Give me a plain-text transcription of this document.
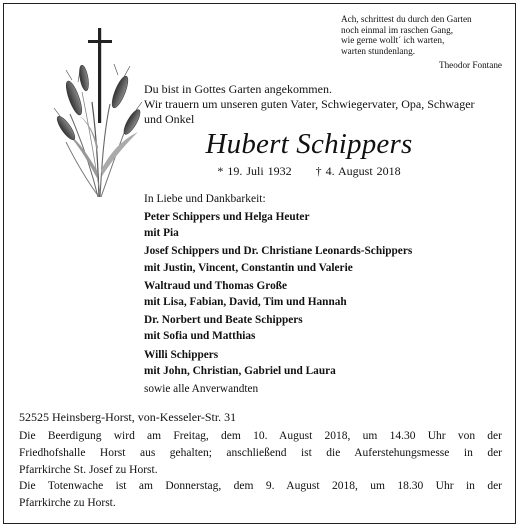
Ach, schrittest du durch den Garten
noch einmal im raschen Gang,
wie gerne wollt´ ich warten,
warten stundenlang.
Theodor Fontane
Du bist in Gottes Garten angekommen.
Wir trauern um unseren guten Vater, Schwiegervater, Opa, Schwager
und Onkel
Hubert Schippers
* 19. Juli 1932 † 4. August 2018
In Liebe und Dankbarkeit:
Peter Schippers und Helga Heuter
mit Pia
Josef Schippers und Dr. Christiane Leonards-Schippers
mit Justin, Vincent, Constantin und Valerie
Waltraud und Thomas Große
mit Lisa, Fabian, David, Tim und Hannah
Dr. Norbert und Beate Schippers
mit Sofia und Matthias
Willi Schippers
mit John, Christian, Gabriel und Laura
sowie alle Anverwandten
52525 Heinsberg-Horst, von-Kesseler-Str. 31
Die Beerdigung wird am Freitag, dem 10. August 2018, um 14.30 Uhr von der
Friedhofshalle Horst aus gehalten; anschließend ist die Auferstehungsmesse in der
Pfarrkirche St. Josef zu Horst.
Die Totenwache ist am Donnerstag, dem 9. August 2018, um 18.30 Uhr in der
Pfarrkirche zu Horst.
